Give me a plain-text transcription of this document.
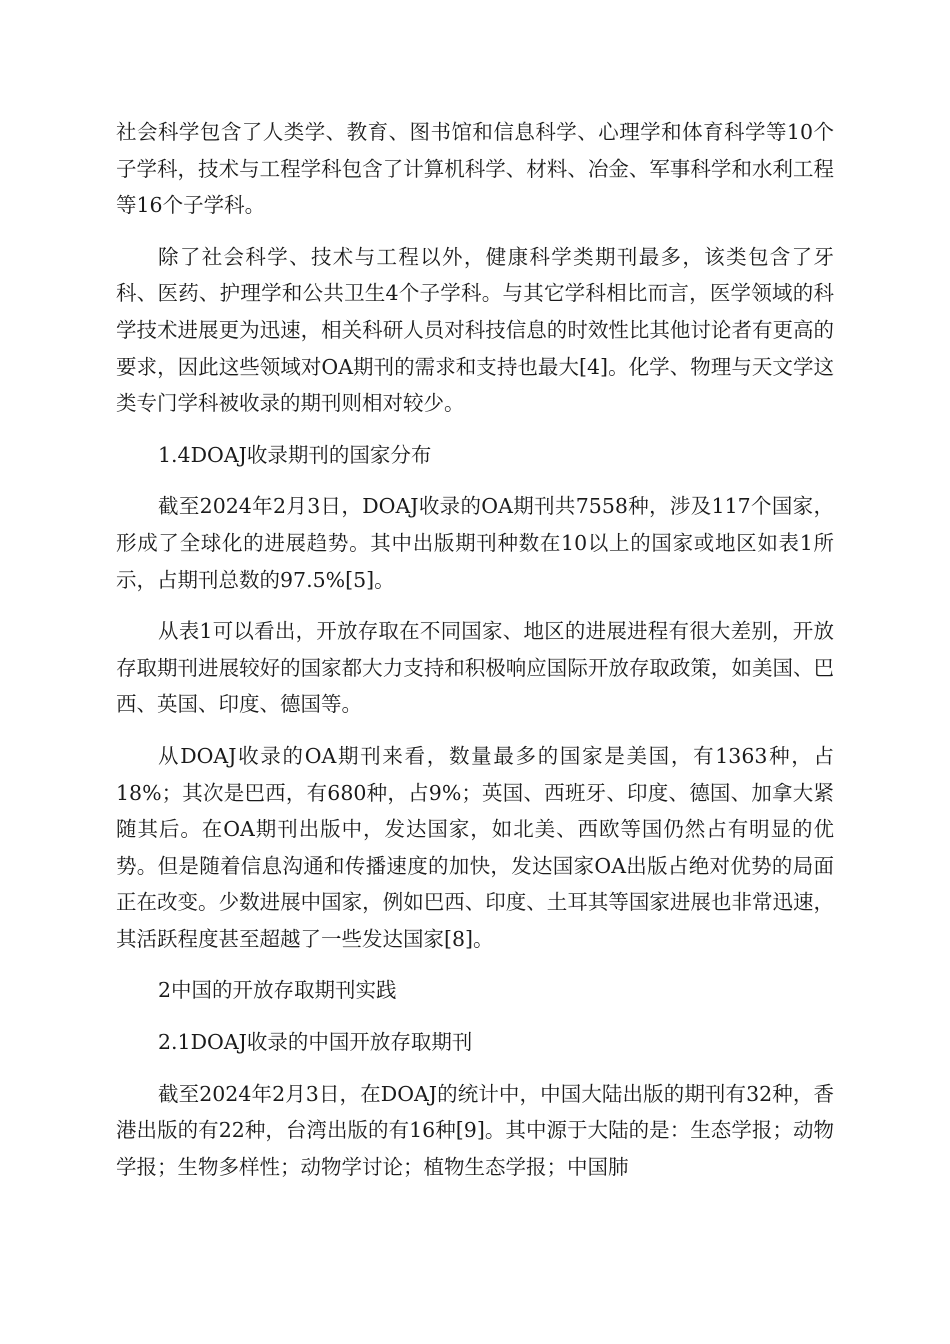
社会科学包含了人类学、教育、图书馆和信息科学、心理学和体育科学等10个子学科，技术与工程学科包含了计算机科学、材料、冶金、军事科学和水利工程等16个子学科。

除了社会科学、技术与工程以外，健康科学类期刊最多，该类包含了牙科、医药、护理学和公共卫生4个子学科。与其它学科相比而言，医学领域的科学技术进展更为迅速，相关科研人员对科技信息的时效性比其他讨论者有更高的要求，因此这些领域对OA期刊的需求和支持也最大[4]。化学、物理与天文学这类专门学科被收录的期刊则相对较少。

1.4DOAJ收录期刊的国家分布

截至2024年2月3日，DOAJ收录的OA期刊共7558种，涉及117个国家，形成了全球化的进展趋势。其中出版期刊种数在10以上的国家或地区如表1所示，占期刊总数的97.5%[5]。

从表1可以看出，开放存取在不同国家、地区的进展进程有很大差别，开放存取期刊进展较好的国家都大力支持和积极响应国际开放存取政策，如美国、巴西、英国、印度、德国等。

从DOAJ收录的OA期刊来看，数量最多的国家是美国，有1363种，占18%；其次是巴西，有680种，占9%；英国、西班牙、印度、德国、加拿大紧随其后。在OA期刊出版中，发达国家，如北美、西欧等国仍然占有明显的优势。但是随着信息沟通和传播速度的加快，发达国家OA出版占绝对优势的局面正在改变。少数进展中国家，例如巴西、印度、土耳其等国家进展也非常迅速，其活跃程度甚至超越了一些发达国家[8]。

2中国的开放存取期刊实践

2.1DOAJ收录的中国开放存取期刊

截至2024年2月3日，在DOAJ的统计中，中国大陆出版的期刊有32种，香港出版的有22种，台湾出版的有16种[9]。其中源于大陆的是：生态学报；动物学报；生物多样性；动物学讨论；植物生态学报；中国肺
